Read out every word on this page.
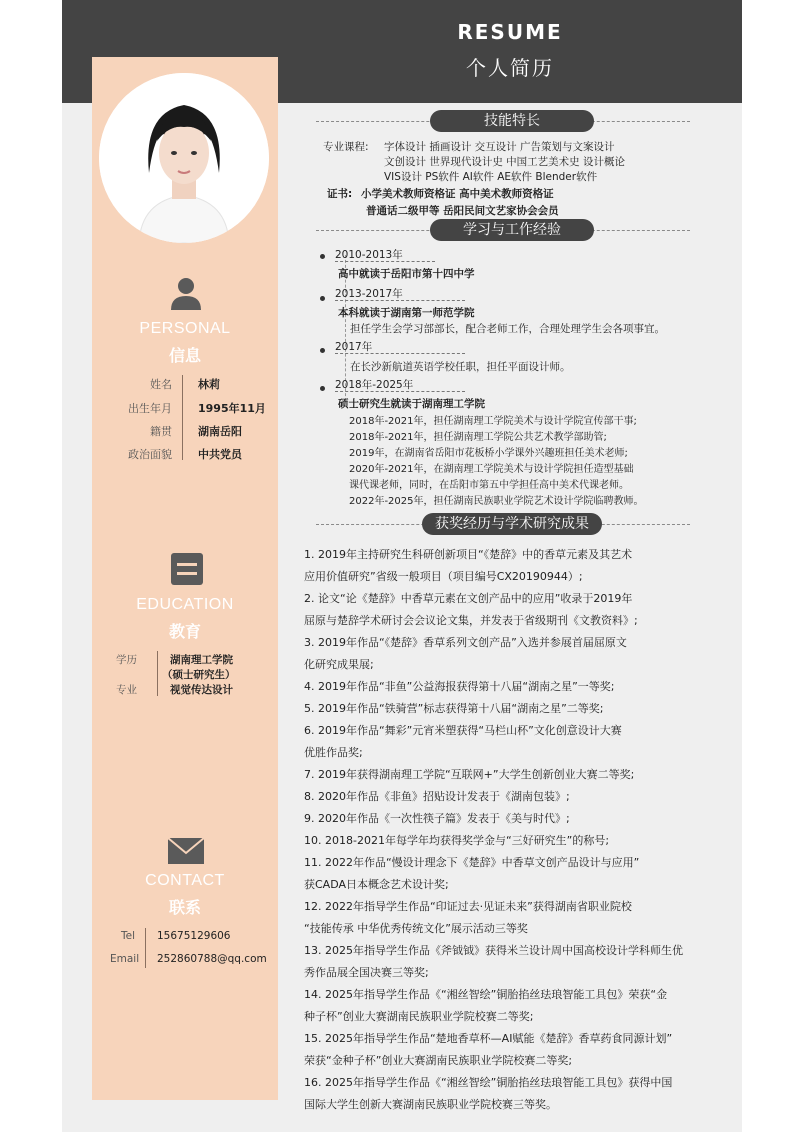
RESUME
个人简历
PERSONAL
信息
姓名 林莉
出生年月 1995年11月
籍贯 湖南岳阳
政治面貌 中共党员
EDUCATION
教育
学历	湖南理工学院
（硕士研究生）
专业	视觉传达设计
CONTACT
联系
Tel 15675129606
Email 252860788@qq.com
技能特长
专业课程: 字体设计 插画设计 交互设计 广告策划与文案设计
文创设计 世界现代设计史 中国工艺美术史 设计概论
VIS设计 PS软件 AI软件 AE软件 Blender软件
证书: 小学美术教师资格证 高中美术教师资格证
普通话二级甲等 岳阳民间文艺家协会会员
学习与工作经验
2010-2013年
高中就读于岳阳市第十四中学
2013-2017年
本科就读于湖南第一师范学院
担任学生会学习部部长，配合老师工作，合理处理学生会各项事宜。
2017年
在长沙新航道英语学校任职，担任平面设计师。
2018年-2025年
硕士研究生就读于湖南理工学院
2018年-2021年，担任湖南理工学院美术与设计学院宣传部干事;
2018年-2021年，担任湖南理工学院公共艺术教学部助管;
2019年，在湖南省岳阳市花板桥小学课外兴趣班担任美术老师;
2020年-2021年，在湖南理工学院美术与设计学院担任造型基础
课代课老师，同时，在岳阳市第五中学担任高中美术代课老师。
2022年-2025年，担任湖南民族职业学院艺术设计学院临聘教师。
获奖经历与学术研究成果
1. 2019年主持研究生科研创新项目“《楚辞》中的香草元素及其艺术
应用价值研究”省级一般项目（项目编号CX20190944）;
2. 论文“论《楚辞》中香草元素在文创产品中的应用”收录于2019年
屈原与楚辞学术研讨会会议论文集，并发表于省级期刊《文教资料》;
3. 2019年作品“《楚辞》香草系列文创产品”入选并参展首届屈原文
化研究成果展;
4. 2019年作品“非鱼”公益海报获得第十八届“湖南之星”一等奖;
5. 2019年作品“铁骑营”标志获得第十八届“湖南之星”二等奖;
6. 2019年作品“舞彩”元宵米塑获得“马栏山杯”文化创意设计大赛
优胜作品奖;
7. 2019年获得湖南理工学院“互联网+”大学生创新创业大赛二等奖;
8. 2020年作品《非鱼》招贴设计发表于《湖南包装》;
9. 2020年作品《一次性筷子篇》发表于《美与时代》;
10. 2018-2021年每学年均获得奖学金与“三好研究生”的称号;
11. 2022年作品“慢设计理念下《楚辞》中香草文创产品设计与应用”
获CADA日本概念艺术设计奖;
12. 2022年指导学生作品“印证过去·见证未来”获得湖南省职业院校
“技能传承 中华优秀传统文化”展示活动三等奖
13. 2025年指导学生作品《斧钺钺》获得米兰设计周中国高校设计学科师生优
秀作品展全国决赛三等奖;
14. 2025年指导学生作品《“湘丝智绘”铜胎掐丝珐琅智能工具包》荣获“金
种子杯”创业大赛湖南民族职业学院校赛二等奖;
15. 2025年指导学生作品“楚地香草杯—AI赋能《楚辞》香草药食同源计划”
荣获“金种子杯”创业大赛湖南民族职业学院校赛二等奖;
16. 2025年指导学生作品《“湘丝智绘”铜胎掐丝珐琅智能工具包》获得中国
国际大学生创新大赛湖南民族职业学院校赛三等奖。
